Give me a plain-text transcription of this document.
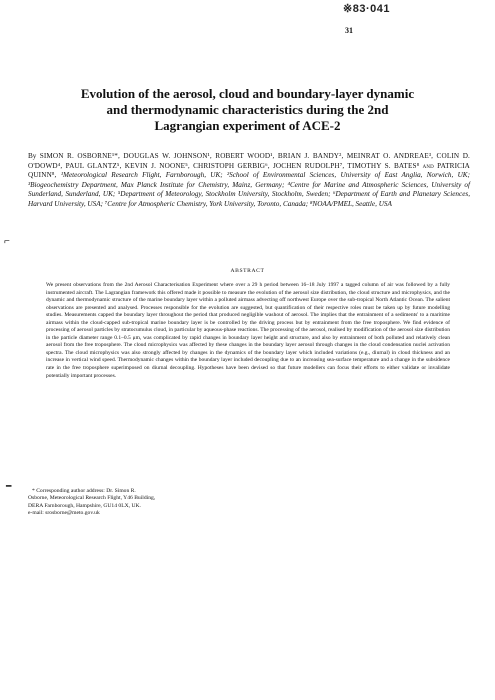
※83·041
31
Evolution of the aerosol, cloud and boundary-layer dynamic
and thermodynamic characteristics during the 2nd
Lagrangian experiment of ACE-2

By SIMON R. OSBORNE¹*, DOUGLAS W. JOHNSON¹, ROBERT WOOD¹, BRIAN J. BANDY², MEINRAT O. ANDREAE³, COLIN D. O'DOWD⁴, PAUL GLANTZ⁵, KEVIN J. NOONE⁵, CHRISTOPH GERBIG⁶, JOCHEN RUDOLPH⁷, TIMOTHY S. BATES⁸ and PATRICIA QUINN⁸, ¹Meteorological Research Flight, Farnborough, UK; ²School of Environmental Sciences, University of East Anglia, Norwich, UK; ³Biogeochemistry Department, Max Planck Institute for Chemistry, Mainz, Germany; ⁴Centre for Marine and Atmospheric Sciences, University of Sunderland, Sunderland, UK; ⁵Department of Meteorology, Stockholm University, Stockholm, Sweden; ⁶Department of Earth and Planetary Sciences, Harvard University, USA; ⁷Centre for Atmospheric Chemistry, York University, Toronto, Canada; ⁸NOAA/PMEL, Seattle, USA

⌐

ABSTRACT

We present observations from the 2nd Aerosol Characterisation Experiment where over a 29 h period between 16–18 July 1997 a tagged column of air was followed by a fully instrumented aircraft. The Lagrangian framework this offered made it possible to measure the evolution of the aerosol size distribution, the cloud structure and microphysics, and the dynamic and thermodynamic structure of the marine boundary layer within a polluted airmass advecting off northwest Europe over the sub-tropical North Atlantic Ocean. The salient observations are presented and analysed. Processes responsible for the evolution are suggested, but quantification of their respective roles must be taken up by future modelling studies. Measurements capped the boundary layer throughout the period that produced negligible washout of aerosol. The implies that the entrainment of a sediments' to a maritime airmass within the cloud-capped sub-tropical marine boundary layer is be controlled by the driving process but by entrainment from the free troposphere. We find evidence of processing of aerosol particles by stratocumulus cloud, in particular by aqueous-phase reactions. The processing of the aerosol, realised by modification of the aerosol size distribution in the particle diameter range 0.1–0.5 μm, was complicated by rapid changes in boundary layer height and structure, and also by entrainment of both polluted and relatively clean aerosol from the free troposphere. The cloud microphysics was affected by these changes in the boundary layer aerosol through changes in the cloud condensation nuclei activation spectra. The cloud microphysics was also strongly affected by changes in the dynamics of the boundary layer which included variations (e.g., diurnal) in cloud thickness and an increase in vertical wind speed. Thermodynamic changes within the boundary layer included decoupling due to an increasing sea-surface temperature and a change in the subsidence rate in the free troposphere superimposed on diurnal decoupling. Hypotheses have been devised so that future modellers can focus their efforts to either validate or invalidate potentially important processes.

━	* Corresponding author address: Dr. Simon R.
Osborne, Meteorological Research Flight, Y46 Building,
DERA Farnborough, Hampshire, GU14 0LX, UK.
e-mail: srosborne@meto.gov.uk
